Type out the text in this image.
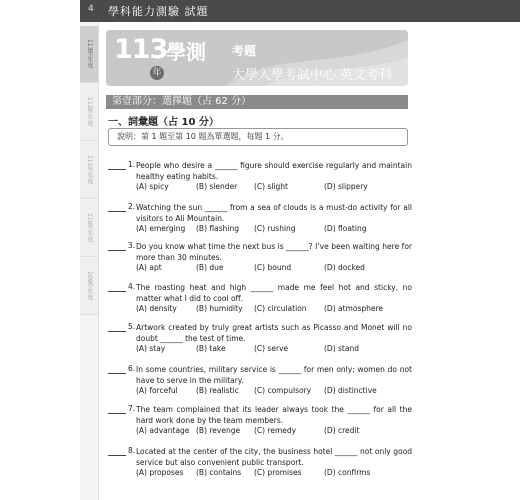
4 學科能力測驗 試題
113學年度
112學年度
111學年度
110學年度
109學年度
113
學測 考題
年	大學入學考試中心 英文考科
第壹部分：選擇題（占 62 分）
一、詞彙題（占 10 分）
說明：第 1 題至第 10 題為單選題，每題 1 分。
1. People who desire a ______ figure should exercise regularly and maintain healthy eating habits.
(A) spicy	(B) slender (C) slight	(D) slippery
2. Watching the sun ______ from a sea of clouds is a must-do activity for all visitors to Ali Mountain.
(A) emerging (B) flashing (C) rushing	(D) floating
3. Do you know what time the next bus is ______? I’ve been waiting here for more than 30 minutes.
(A) apt	(B) due	(C) bound	(D) docked
4. The roasting heat and high ______ made me feel hot and sticky, no matter what I did to cool off.
(A) density	(B) humidity (C) circulation (D) atmosphere
5. Artwork created by truly great artists such as Picasso and Monet will no doubt ______ the test of time.
(A) stay	(B) take	(C) serve	(D) stand
6. In some countries, military service is ______ for men only; women do not have to serve in the military.
(A) forceful (B) realistic (C) compulsory (D) distinctive
7. The team complained that its leader always took the ______ for all the hard work done by the team members.
(A) advantage (B) revenge (C) remedy	(D) credit
8. Located at the center of the city, the business hotel ______ not only good service but also convenient public transport.
(A) proposes (B) contains (C) promises	(D) confirms
